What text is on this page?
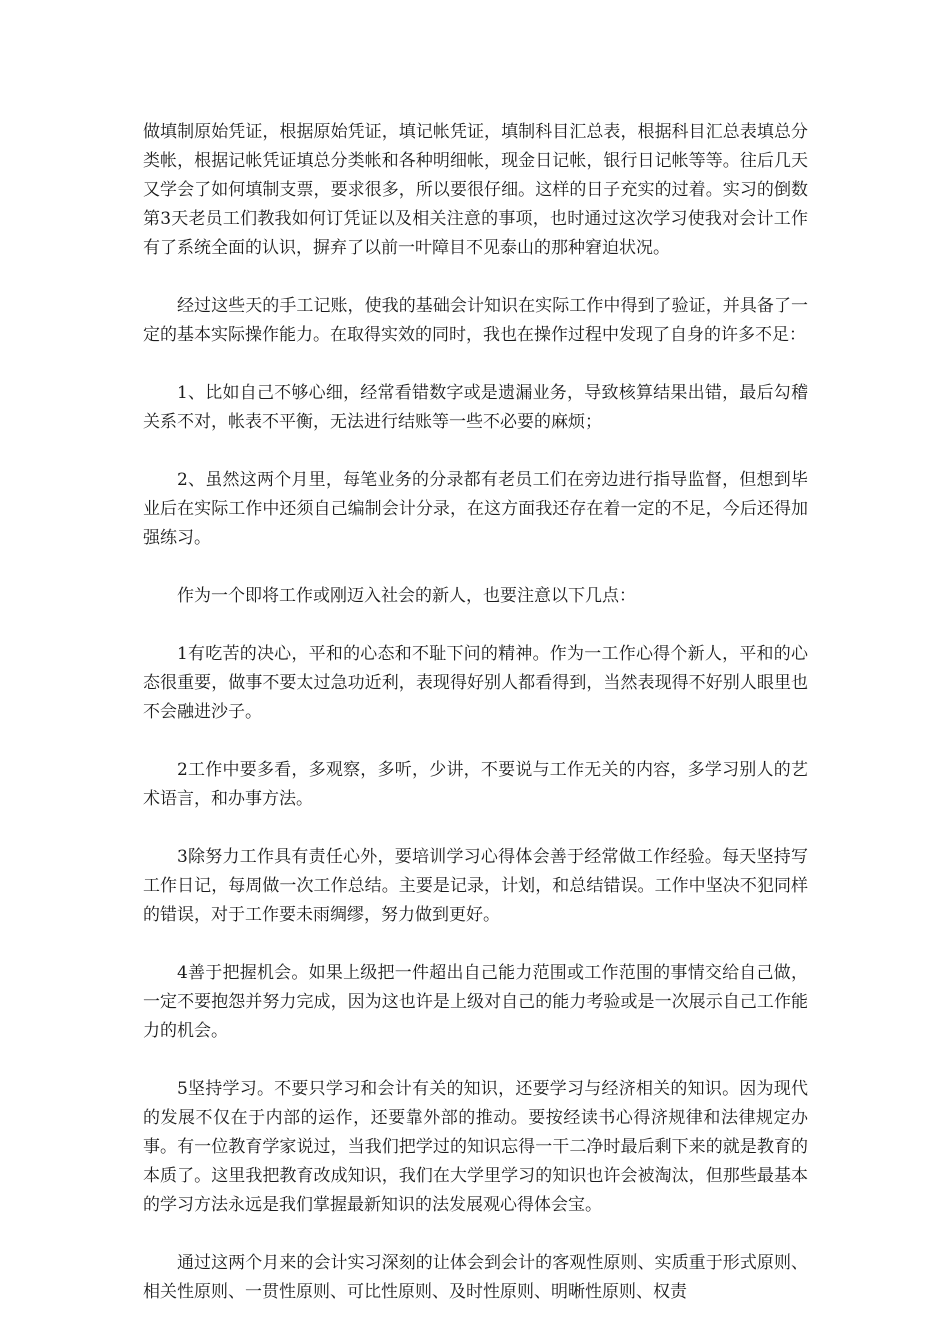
做填制原始凭证，根据原始凭证，填记帐凭证，填制科目汇总表，根据科目汇总表填总分类帐，根据记帐凭证填总分类帐和各种明细帐，现金日记帐，银行日记帐等等。往后几天又学会了如何填制支票，要求很多，所以要很仔细。这样的日子充实的过着。实习的倒数第3天老员工们教我如何订凭证以及相关注意的事项，也时通过这次学习使我对会计工作有了系统全面的认识，摒弃了以前一叶障目不见泰山的那种窘迫状况。

经过这些天的手工记账，使我的基础会计知识在实际工作中得到了验证，并具备了一定的基本实际操作能力。在取得实效的同时，我也在操作过程中发现了自身的许多不足：

1、比如自己不够心细，经常看错数字或是遗漏业务，导致核算结果出错，最后勾稽关系不对，帐表不平衡，无法进行结账等一些不必要的麻烦；

2、虽然这两个月里，每笔业务的分录都有老员工们在旁边进行指导监督，但想到毕业后在实际工作中还须自己编制会计分录，在这方面我还存在着一定的不足，今后还得加强练习。

作为一个即将工作或刚迈入社会的新人，也要注意以下几点：

1有吃苦的决心，平和的心态和不耻下问的精神。作为一工作心得个新人，平和的心态很重要，做事不要太过急功近利，表现得好别人都看得到，当然表现得不好别人眼里也不会融进沙子。

2工作中要多看，多观察，多听，少讲，不要说与工作无关的内容，多学习别人的艺术语言，和办事方法。

3除努力工作具有责任心外，要培训学习心得体会善于经常做工作经验。每天坚持写工作日记，每周做一次工作总结。主要是记录，计划，和总结错误。工作中坚决不犯同样的错误，对于工作要未雨绸缪，努力做到更好。

4善于把握机会。如果上级把一件超出自己能力范围或工作范围的事情交给自己做，一定不要抱怨并努力完成，因为这也许是上级对自己的能力考验或是一次展示自己工作能力的机会。

5坚持学习。不要只学习和会计有关的知识，还要学习与经济相关的知识。因为现代的发展不仅在于内部的运作，还要靠外部的推动。要按经读书心得济规律和法律规定办事。有一位教育学家说过，当我们把学过的知识忘得一干二净时最后剩下来的就是教育的本质了。这里我把教育改成知识，我们在大学里学习的知识也许会被淘汰，但那些最基本的学习方法永远是我们掌握最新知识的法发展观心得体会宝。

通过这两个月来的会计实习深刻的让体会到会计的客观性原则、实质重于形式原则、相关性原则、一贯性原则、可比性原则、及时性原则、明晰性原则、权责
